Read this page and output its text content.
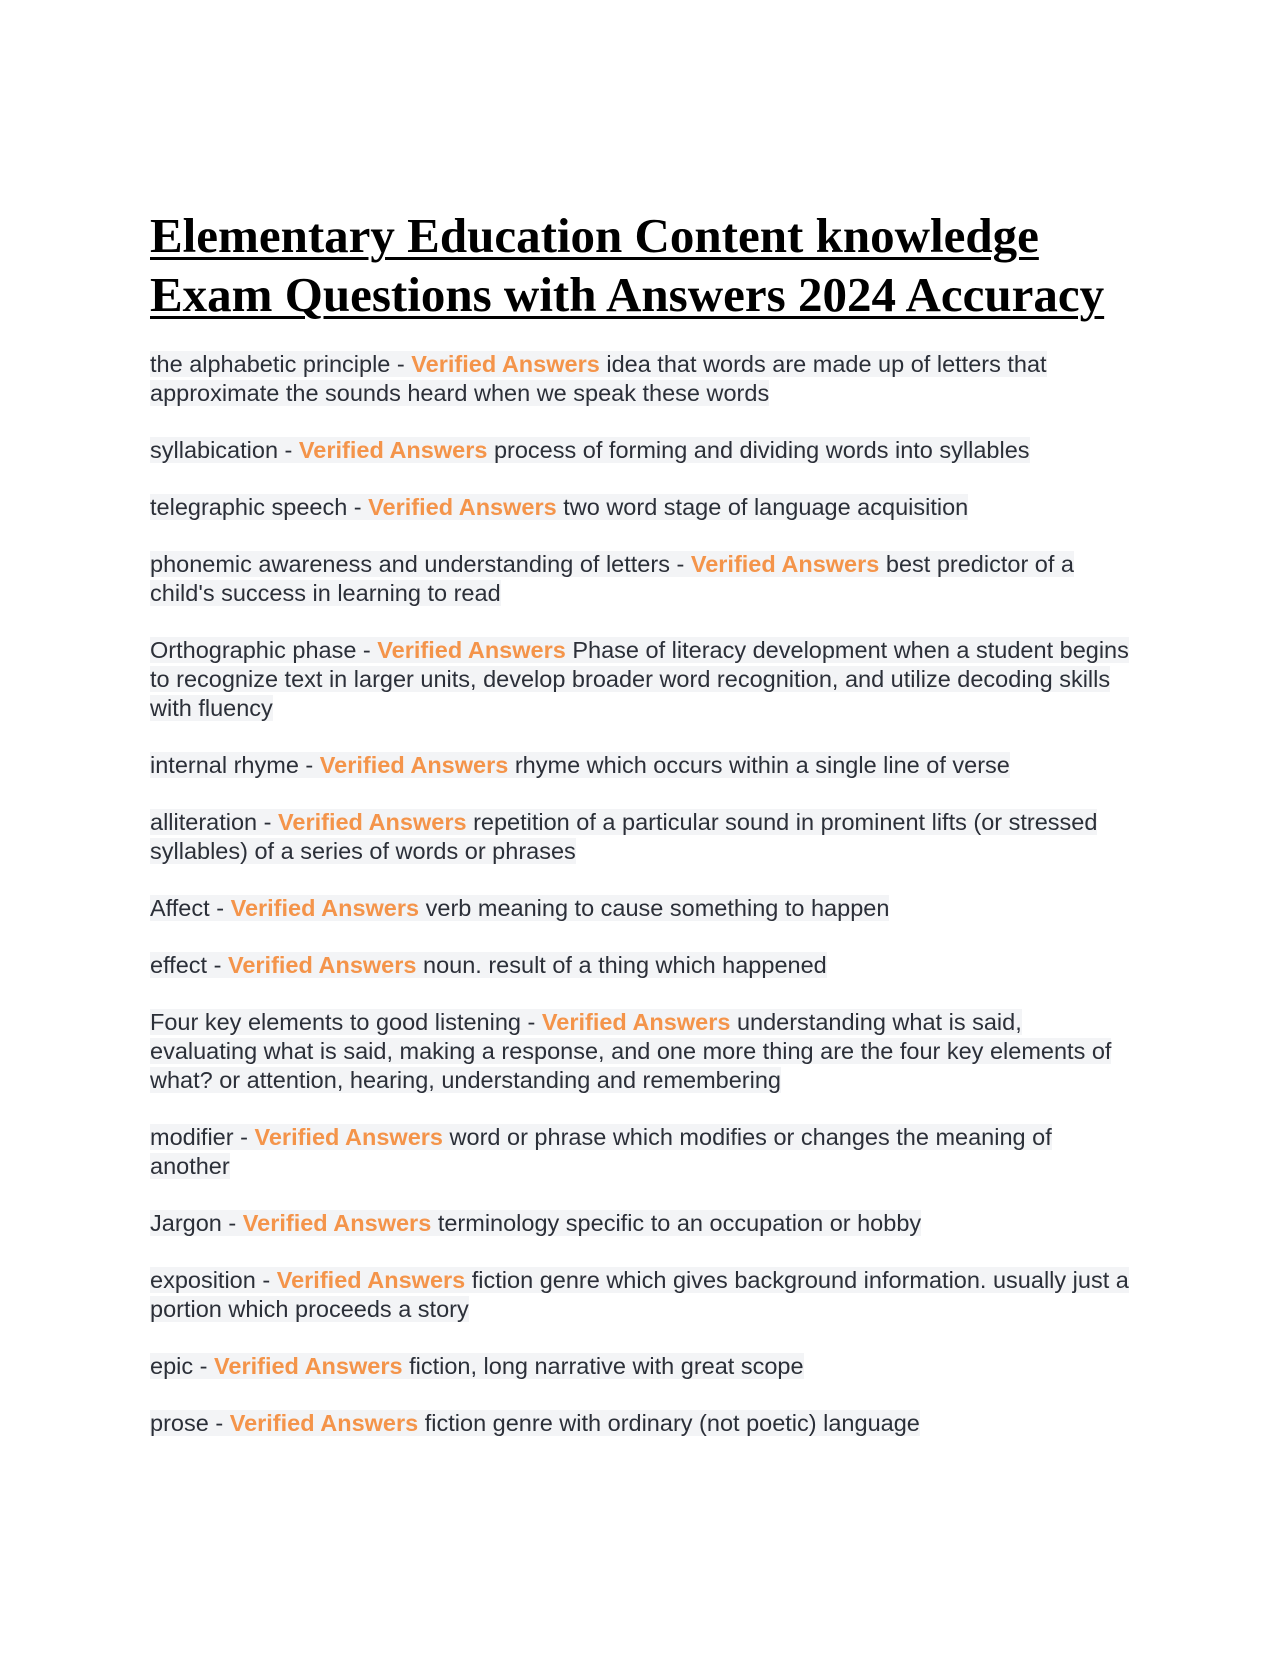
Elementary Education Content knowledge
Exam Questions with Answers 2024 Accuracy

the alphabetic principle - Verified Answers idea that words are made up of letters that approximate the sounds heard when we speak these words

syllabication - Verified Answers process of forming and dividing words into syllables

telegraphic speech - Verified Answers two word stage of language acquisition

phonemic awareness and understanding of letters - Verified Answers best predictor of a child's success in learning to read

Orthographic phase - Verified Answers Phase of literacy development when a student begins to recognize text in larger units, develop broader word recognition, and utilize decoding skills with fluency

internal rhyme - Verified Answers rhyme which occurs within a single line of verse

alliteration - Verified Answers repetition of a particular sound in prominent lifts (or stressed syllables) of a series of words or phrases

Affect - Verified Answers verb meaning to cause something to happen

effect - Verified Answers noun. result of a thing which happened

Four key elements to good listening - Verified Answers understanding what is said, evaluating what is said, making a response, and one more thing are the four key elements of what? or attention, hearing, understanding and remembering

modifier - Verified Answers word or phrase which modifies or changes the meaning of another

Jargon - Verified Answers terminology specific to an occupation or hobby

exposition - Verified Answers fiction genre which gives background information. usually just a portion which proceeds a story

epic - Verified Answers fiction, long narrative with great scope

prose - Verified Answers fiction genre with ordinary (not poetic) language
